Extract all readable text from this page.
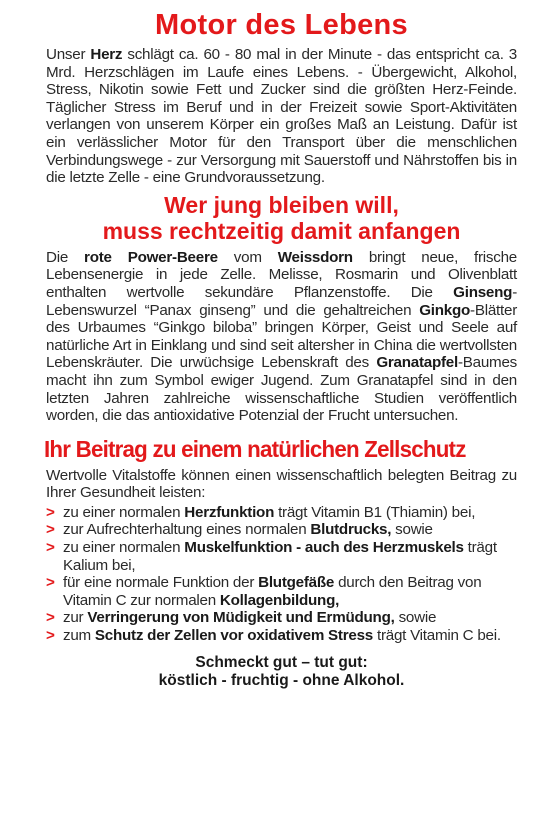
Motor des Lebens

Unser Herz schlägt ca. 60 - 80 mal in der Minute - das entspricht ca. 3 Mrd. Herzschlägen im Laufe eines Lebens. - Übergewicht, Alkohol, Stress, Nikotin sowie Fett und Zucker sind die größten Herz-Feinde. Täglicher Stress im Beruf und in der Freizeit sowie Sport-Aktivitäten verlangen von unserem Körper ein großes Maß an Leistung. Dafür ist ein verlässlicher Motor für den Transport über die menschlichen Verbindungswege - zur Versorgung mit Sauerstoff und Nährstoffen bis in die letzte Zelle - eine Grundvoraussetzung.

Wer jung bleiben will,
muss rechtzeitig damit anfangen

Die rote Power-Beere vom Weissdorn bringt neue, frische Lebensenergie in jede Zelle. Melisse, Rosmarin und Olivenblatt enthalten wertvolle sekundäre Pflanzenstoffe. Die Ginseng-Lebenswurzel “Panax ginseng” und die gehaltreichen Ginkgo-Blätter des Urbaumes “Ginkgo biloba” bringen Körper, Geist und Seele auf natürliche Art in Einklang und sind seit altersher in China die wertvollsten Lebenskräuter. Die urwüchsige Lebenskraft des Granatapfel-Baumes macht ihn zum Symbol ewiger Jugend. Zum Granatapfel sind in den letzten Jahren zahlreiche wissenschaftliche Studien veröffentlich worden, die das antioxidative Potenzial der Frucht untersuchen.

Ihr Beitrag zu einem natürlichen Zellschutz

Wertvolle Vitalstoffe können einen wissenschaftlich belegten Beitrag zu Ihrer Gesundheit leisten:

> zu einer normalen Herzfunktion trägt Vitamin B1 (Thiamin) bei,
> zur Aufrechterhaltung eines normalen Blutdrucks, sowie
> zu einer normalen Muskelfunktion - auch des Herzmuskels trägt Kalium bei,
> für eine normale Funktion der Blutgefäße durch den Beitrag von Vitamin C zur normalen Kollagenbildung,
> zur Verringerung von Müdigkeit und Ermüdung, sowie
> zum Schutz der Zellen vor oxidativem Stress trägt Vitamin C bei.
Schmeckt gut – tut gut:
köstlich - fruchtig - ohne Alkohol.
